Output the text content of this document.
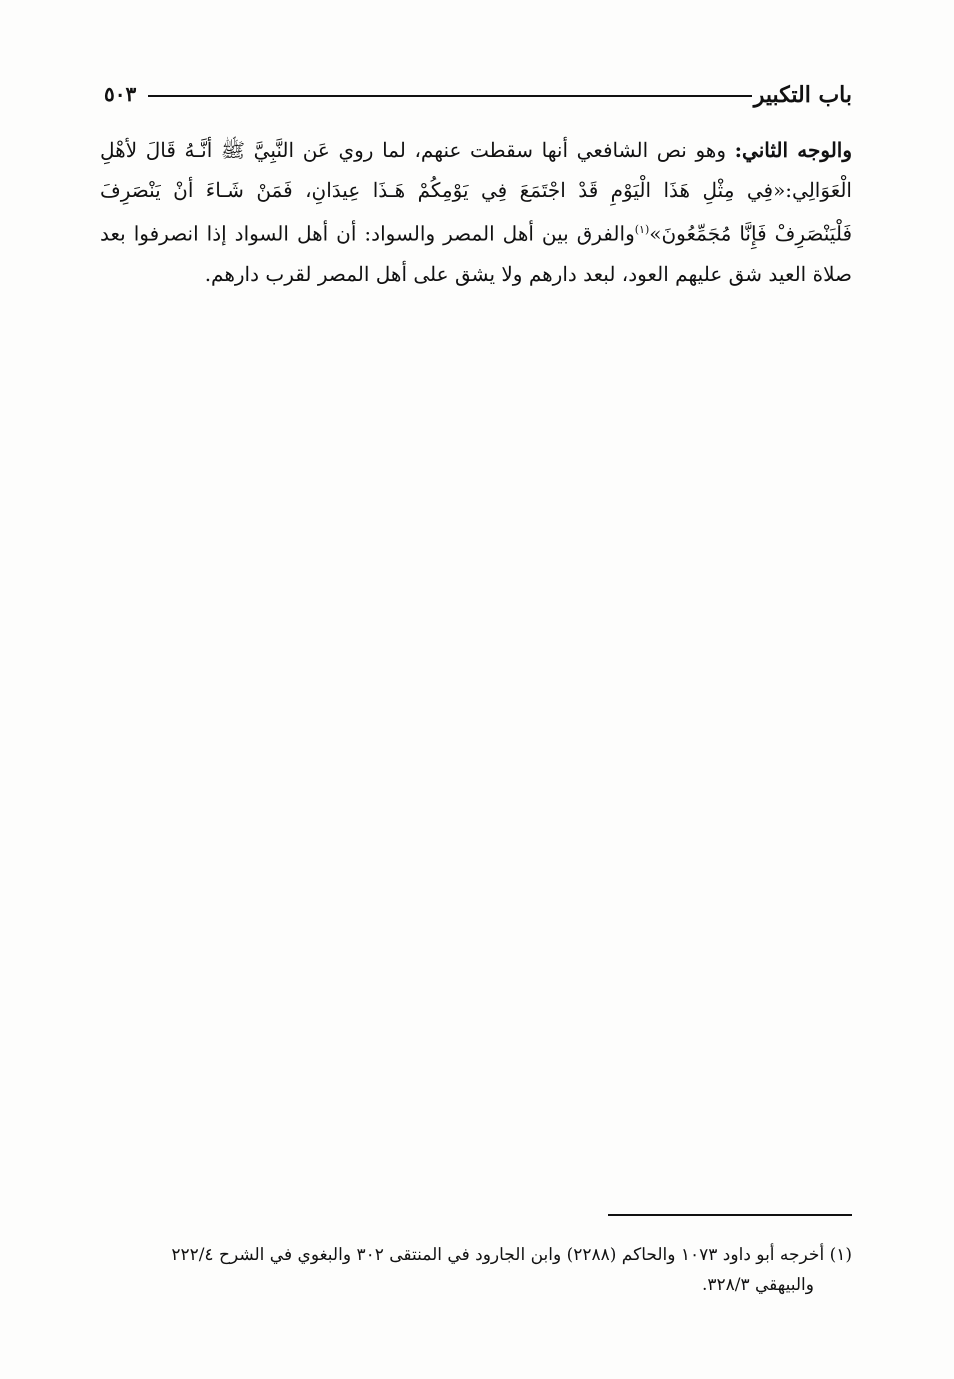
باب التكبير
٥٠٣

والوجه الثاني: وهو نص الشافعي أنها سقطت عنهم، لما روي عَن النَّبِيَّ ﷺ أنَّـهُ قَالَ لأهْلِ الْعَوَالِي:«فِي مِثْلِ هَذَا الْيَوْمِ قَدْ اجْتَمَعَ فِي يَوْمِكُمْ هَـذَا عِيدَانِ، فَمَنْ شَـاءَ أنْ يَنْصَرِفَ فَلْيَنْصَرِفْ فَإِنَّا مُجَمِّعُونَ»$^{(١)}$والفرق بين أهل المصر والسواد: أن أهل السواد إذا انصرفوا بعد صلاة العيد شق عليهم العود، لبعد دارهم ولا يشق على أهل المصر لقرب دارهم.

(١) أخرجه أبو داود ١٠٧٣ والحاكم (٢٢٨٨) وابن الجارود في المنتقى ٣٠٢ والبغوي في الشرح ٢٢٢/٤

والبيهقي ٣٢٨/٣.
